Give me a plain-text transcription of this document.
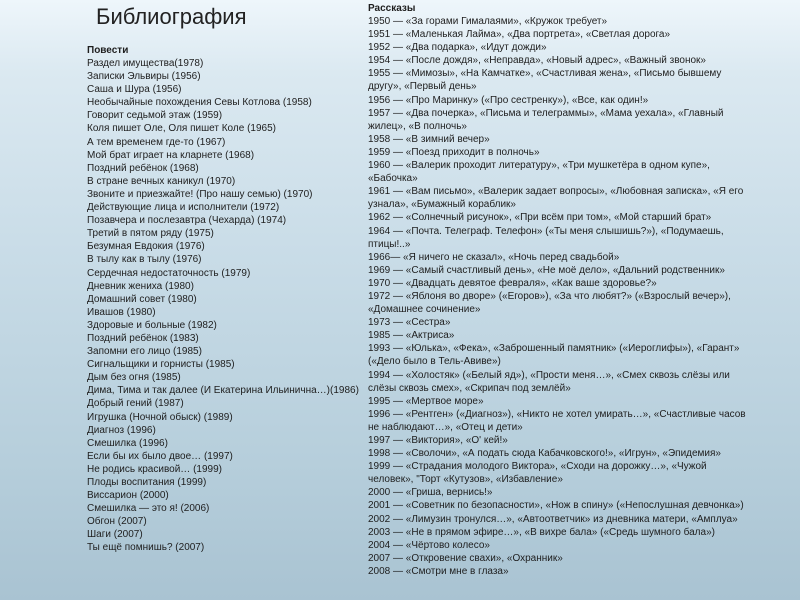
Библиография
Повести
Раздел имущества(1978)
Записки Эльвиры (1956)
Саша и Шура (1956)
Необычайные похождения Севы Котлова (1958)
Говорит седьмой этаж (1959)
Коля пишет Оле, Оля пишет Коле (1965)
А тем временем где-то (1967)
Мой брат играет на кларнете (1968)
Поздний ребёнок (1968)
В стране вечных каникул (1970)
Звоните и приезжайте! (Про нашу семью) (1970)
Действующие лица и исполнители (1972)
Позавчера и послезавтра (Чехарда) (1974)
Третий в пятом ряду (1975)
Безумная Евдокия (1976)
В тылу как в тылу (1976)
Сердечная недостаточность (1979)
Дневник жениха (1980)
Домашний совет (1980)
Ивашов (1980)
Здоровые и больные (1982)
Поздний ребёнок (1983)
Запомни его лицо (1985)
Сигнальщики и горнисты (1985)
Дым без огня (1985)
Дима, Тима и так далее (И Екатерина Ильинична…)(1986)
Добрый гений (1987)
Игрушка (Ночной обыск) (1989)
Диагноз (1996)
Смешилка (1996)
Если бы их было двое… (1997)
Не родись красивой… (1999)
Плоды воспитания (1999)
Виссарион (2000)
Смешилка — это я! (2006)
Обгон (2007)
Шаги (2007)
Ты ещё помнишь? (2007)
Рассказы
1950 — «За горами Гималаями», «Кружок требует»
1951 — «Маленькая Лайма», «Два портрета», «Светлая дорога»
1952 — «Два подарка», «Идут дожди»
1954 — «После дождя», «Неправда», «Новый адрес», «Важный звонок»
1955 — «Мимозы», «На Камчатке», «Счастливая жена», «Письмо бывшему
другу», «Первый день»
1956 — «Про Маринку» («Про сестренку»), «Все, как один!»
1957 — «Два почерка», «Письма и телеграммы», «Мама уехала», «Главный
жилец», «В полночь»
1958 — «В зимний вечер»
1959 — «Поезд приходит в полночь»
1960 — «Валерик проходит литературу», «Три мушкетёра в одном купе»,
«Бабочка»
1961 — «Вам письмо», «Валерик задает вопросы», «Любовная записка», «Я его
узнала», «Бумажный кораблик»
1962 — «Солнечный рисунок», «При всём при том», «Мой старший брат»
1964 — «Почта. Телеграф. Телефон» («Ты меня слышишь?»), «Подумаешь,
птицы!..»
1966— «Я ничего не сказал», «Ночь перед свадьбой»
1969 — «Самый счастливый день», «Не моё дело», «Дальний родственник»
1970 — «Двадцать девятое февраля», «Как ваше здоровье?»
1972 — «Яблоня во дворе» («Егоров»), «За что любят?» («Взрослый вечер»),
«Домашнее сочинение»
1973 — «Сестра»
1985 — «Актриса»
1993 — «Юлька», «Фека», «Заброшенный памятник» («Иероглифы»), «Гарант»
(«Дело было в Тель-Авиве»)
1994 — «Холостяк» («Белый яд»), «Прости меня…», «Смех сквозь слёзы или
слёзы сквозь смех», «Скрипач под землёй»
1995 — «Мертвое море»
1996 — «Рентген» («Диагноз»), «Никто не хотел умирать…», «Счастливые часов
не наблюдают…», «Отец и дети»
1997 — «Виктория», «О' кей!»
1998 — «Сволочи», «А подать сюда Кабачковского!», «Игрун», «Эпидемия»
1999 — «Страдания молодого Виктора», «Сходи на дорожку…», «Чужой
человек», "Торт «Кутузов», «Избавление»
2000 — «Гриша, вернись!»
2001 — «Советник по безопасности», «Нож в спину» («Непослушная девчонка»)
2002 — «Лимузин тронулся…», «Автоответчик» из дневника матери, «Амплуа»
2003 — «Не в прямом эфире…», «В вихре бала» («Средь шумного бала»)
2004 — «Чёртово колесо»
2007 — «Откровение свахи», «Охранник»
2008 — «Смотри мне в глаза»
